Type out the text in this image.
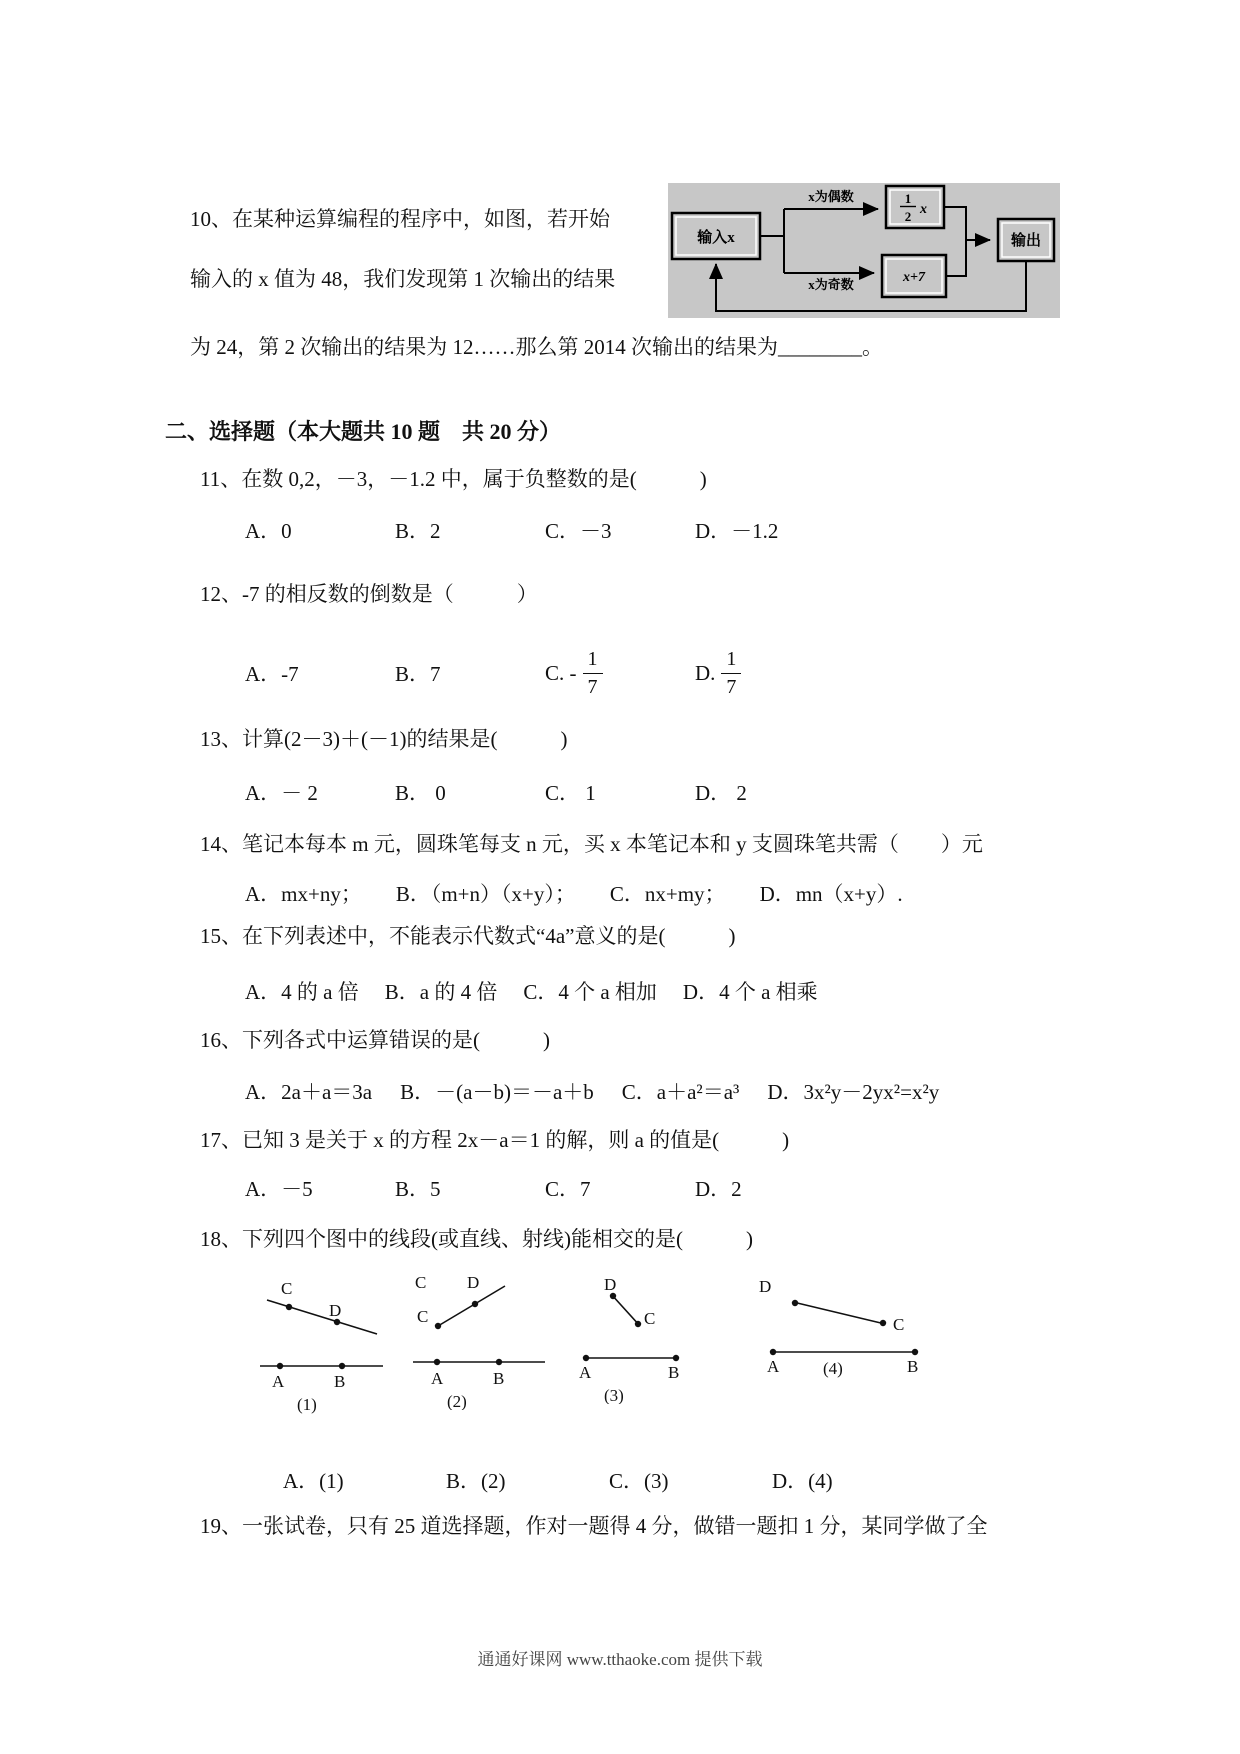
10、在某种运算编程的程序中，如图，若开始

输入的 x 值为 48，我们发现第 1 次输出的结果

输入x
x为偶数
x为奇数
1
2 x
x+7
输出

为 24，第 2 次输出的结果为 12……那么第 2014 次输出的结果为________。

二、选择题（本大题共 10 题　共 20 分）

11、在数 0,2，－3，－1.2 中，属于负整数的是(　　　)

A．0	B．2	C．－3	D．－1.2

12、-7 的相反数的倒数是（　　　）

A．-7	B．7	C. - $\frac{1}{7}$	D. $\frac{1}{7}$

13、计算(2－3)＋(－1)的结果是(　　　)

A．－ 2	B． 0	C． 1	D． 2

14、笔记本每本 m 元，圆珠笔每支 n 元，买 x 本笔记本和 y 支圆珠笔共需（　　）元

A．mx+ny； B．（m+n）（x+y）； C．nx+my； D．mn（x+y）.

15、在下列表述中，不能表示代数式“4a”意义的是(　　　)

A．4 的 a 倍 B．a 的 4 倍 C．4 个 a 相加 D．4 个 a 相乘

16、下列各式中运算错误的是(　　　)

A．2a＋a＝3a B．－(a－b)＝－a＋b C．a＋a²＝a³ D．3x²y－2yx²=x²y

17、已知 3 是关于 x 的方程 2x－a＝1 的解，则 a 的值是(　　　)

A．－5	B．5	C．7	D．2

18、下列四个图中的线段(或直线、射线)能相交的是(　　　)

C
D
A	B
(1)
C D
C
A	B
(2)
D
C
A	B
(3)
D
C
A	B
(4)
A．(1)	B．(2)	C．(3)	D．(4)

19、一张试卷，只有 25 道选择题，作对一题得 4 分，做错一题扣 1 分，某同学做了全

通通好课网 www.tthaoke.com 提供下载
